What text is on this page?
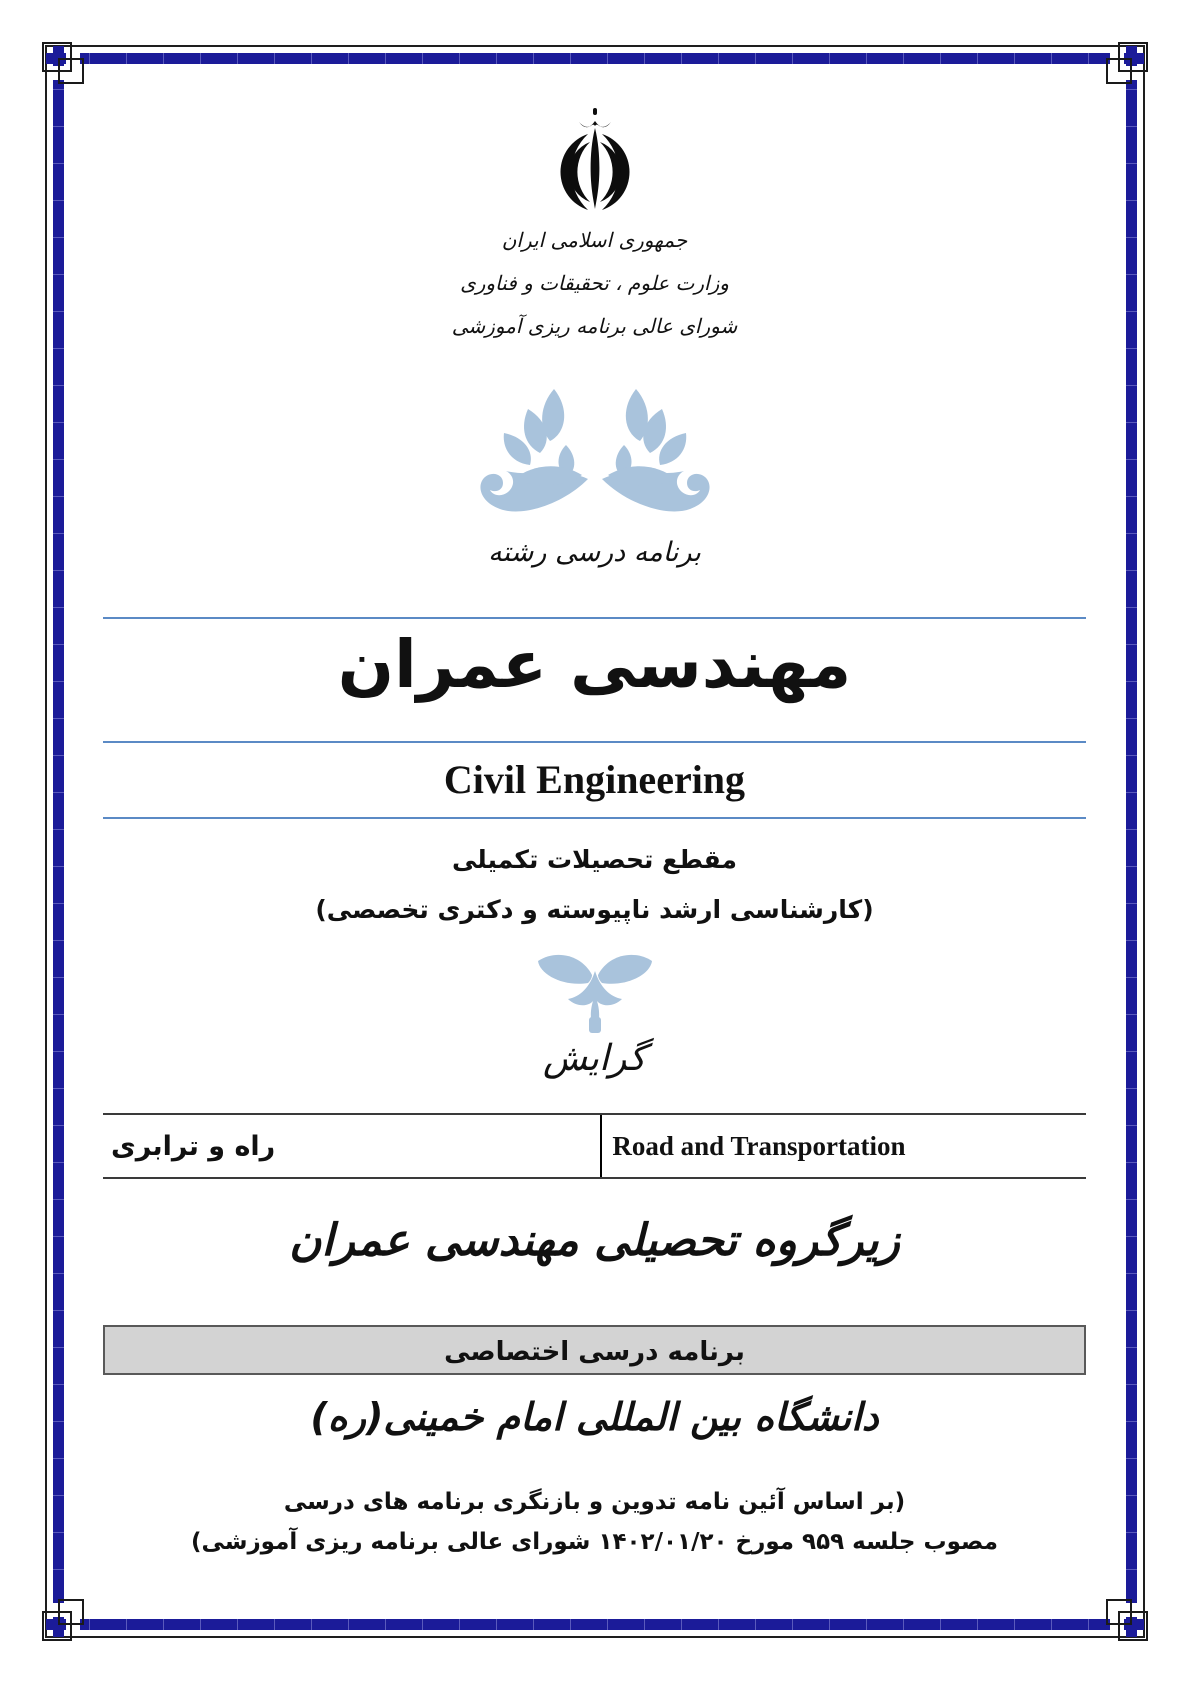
جمهوری اسلامی ایران
وزارت علوم ، تحقیقات و فناوری
شورای عالی برنامه ریزی آموزشی
برنامه درسی رشته
مهندسی عمران
Civil Engineering
مقطع تحصیلات تکمیلی
(کارشناسی ارشد ناپیوسته و دکتری تخصصی)
گرایش
راه و ترابری	Road and Transportation
زیرگروه تحصیلی مهندسی عمران
برنامه درسی اختصاصی
دانشگاه بین المللی امام خمینی(ره)
(بر اساس آئین نامه تدوین و بازنگری برنامه های درسی
مصوب جلسه ۹۵۹ مورخ ۱۴۰۲/۰۱/۲۰ شورای عالی برنامه ریزی آموزشی)
